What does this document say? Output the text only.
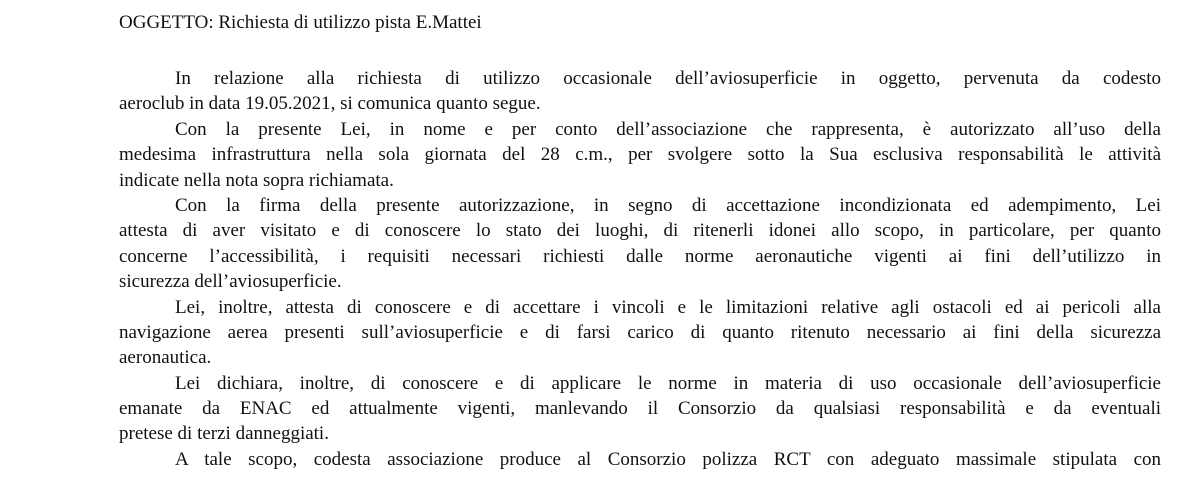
OGGETTO: Richiesta di utilizzo pista E.Mattei

In relazione alla richiesta di utilizzo occasionale dell’aviosuperficie in oggetto, pervenuta da codesto
aeroclub in data 19.05.2021, si comunica quanto segue.
Con la presente Lei, in nome e per conto dell’associazione che rappresenta, è autorizzato all’uso della
medesima infrastruttura nella sola giornata del 28 c.m., per svolgere sotto la Sua esclusiva responsabilità le attività
indicate nella nota sopra richiamata.
Con la firma della presente autorizzazione, in segno di accettazione incondizionata ed adempimento, Lei
attesta di aver visitato e di conoscere lo stato dei luoghi, di ritenerli idonei allo scopo, in particolare, per quanto
concerne l’accessibilità, i requisiti necessari richiesti dalle norme aeronautiche vigenti ai fini dell’utilizzo in
sicurezza dell’aviosuperficie.
Lei, inoltre, attesta di conoscere e di accettare i vincoli e le limitazioni relative agli ostacoli ed ai pericoli alla
navigazione aerea presenti sull’aviosuperficie e di farsi carico di quanto ritenuto necessario ai fini della sicurezza
aeronautica.
Lei dichiara, inoltre, di conoscere e di applicare le norme in materia di uso occasionale dell’aviosuperficie
emanate da ENAC ed attualmente vigenti, manlevando il Consorzio da qualsiasi responsabilità e da eventuali
pretese di terzi danneggiati.
A tale scopo, codesta associazione produce al Consorzio polizza RCT con adeguato massimale stipulata con
